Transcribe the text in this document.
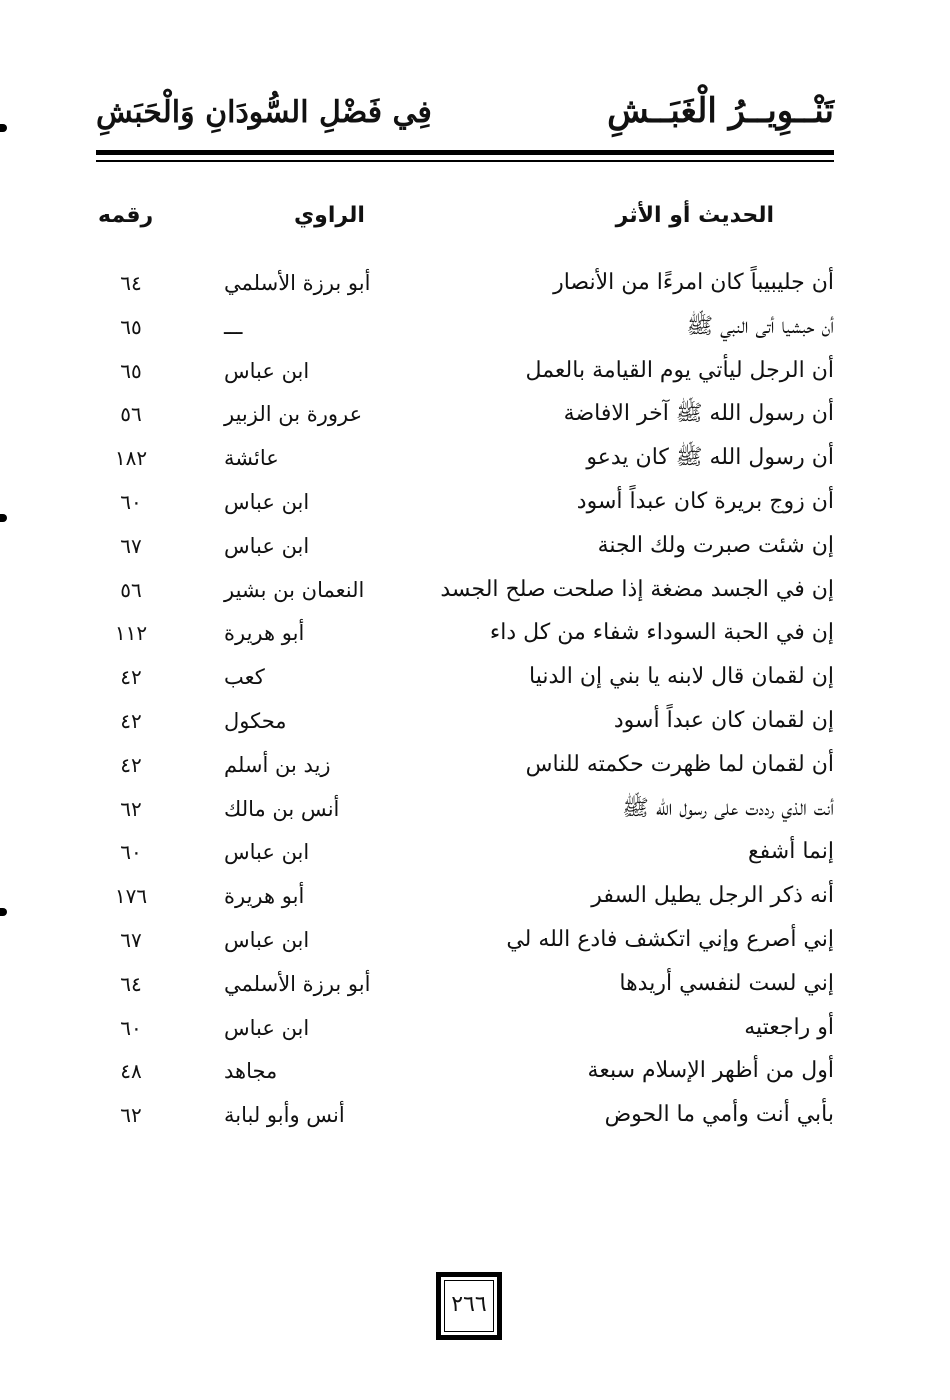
تَنْــوِيــرُ الْغَبَــشِ
فِي فَضْلِ السُّودَانِ وَالْحَبَشِ
الحديث أو الأثر
الراوي
رقمه
أن جليبيباً كان امرءًا من الأنصار
أبو برزة الأسلمي
٦٤
أن حبشيا أتى النبي ﷺ
ـــ
٦٥
أن الرجل ليأتي يوم القيامة بالعمل
ابن عباس
٦٥
أن رسول الله ﷺ آخر الافاضة
عرورة بن الزبير
٥٦
أن رسول الله ﷺ كان يدعو
عائشة
١٨٢
أن زوج بريرة كان عبداً أسود
ابن عباس
٦٠
إن شئت صبرت ولك الجنة
ابن عباس
٦٧
إن في الجسد مضغة إذا صلحت صلح الجسد
النعمان بن بشير
٥٦
إن في الحبة السوداء شفاء من كل داء
أبو هريرة
١١٢
إن لقمان قال لابنه يا بني إن الدنيا
كعب
٤٢
إن لقمان كان عبداً أسود
محكول
٤٢
أن لقمان لما ظهرت حكمته للناس
زيد بن أسلم
٤٢
أنت الذي رددت على رسول الله ﷺ
أنس بن مالك
٦٢
إنما أشفع
ابن عباس
٦٠
أنه ذكر الرجل يطيل السفر
أبو هريرة
١٧٦
إني أصرع وإني اتكشف فادع الله لي
ابن عباس
٦٧
إني لست لنفسي أريدها
أبو برزة الأسلمي
٦٤
أو راجعتيه
ابن عباس
٦٠
أول من أظهر الإسلام سبعة
مجاهد
٤٨
بأبي أنت وأمي ما الحوض
أنس وأبو لبابة
٦٢
٢٦٦
